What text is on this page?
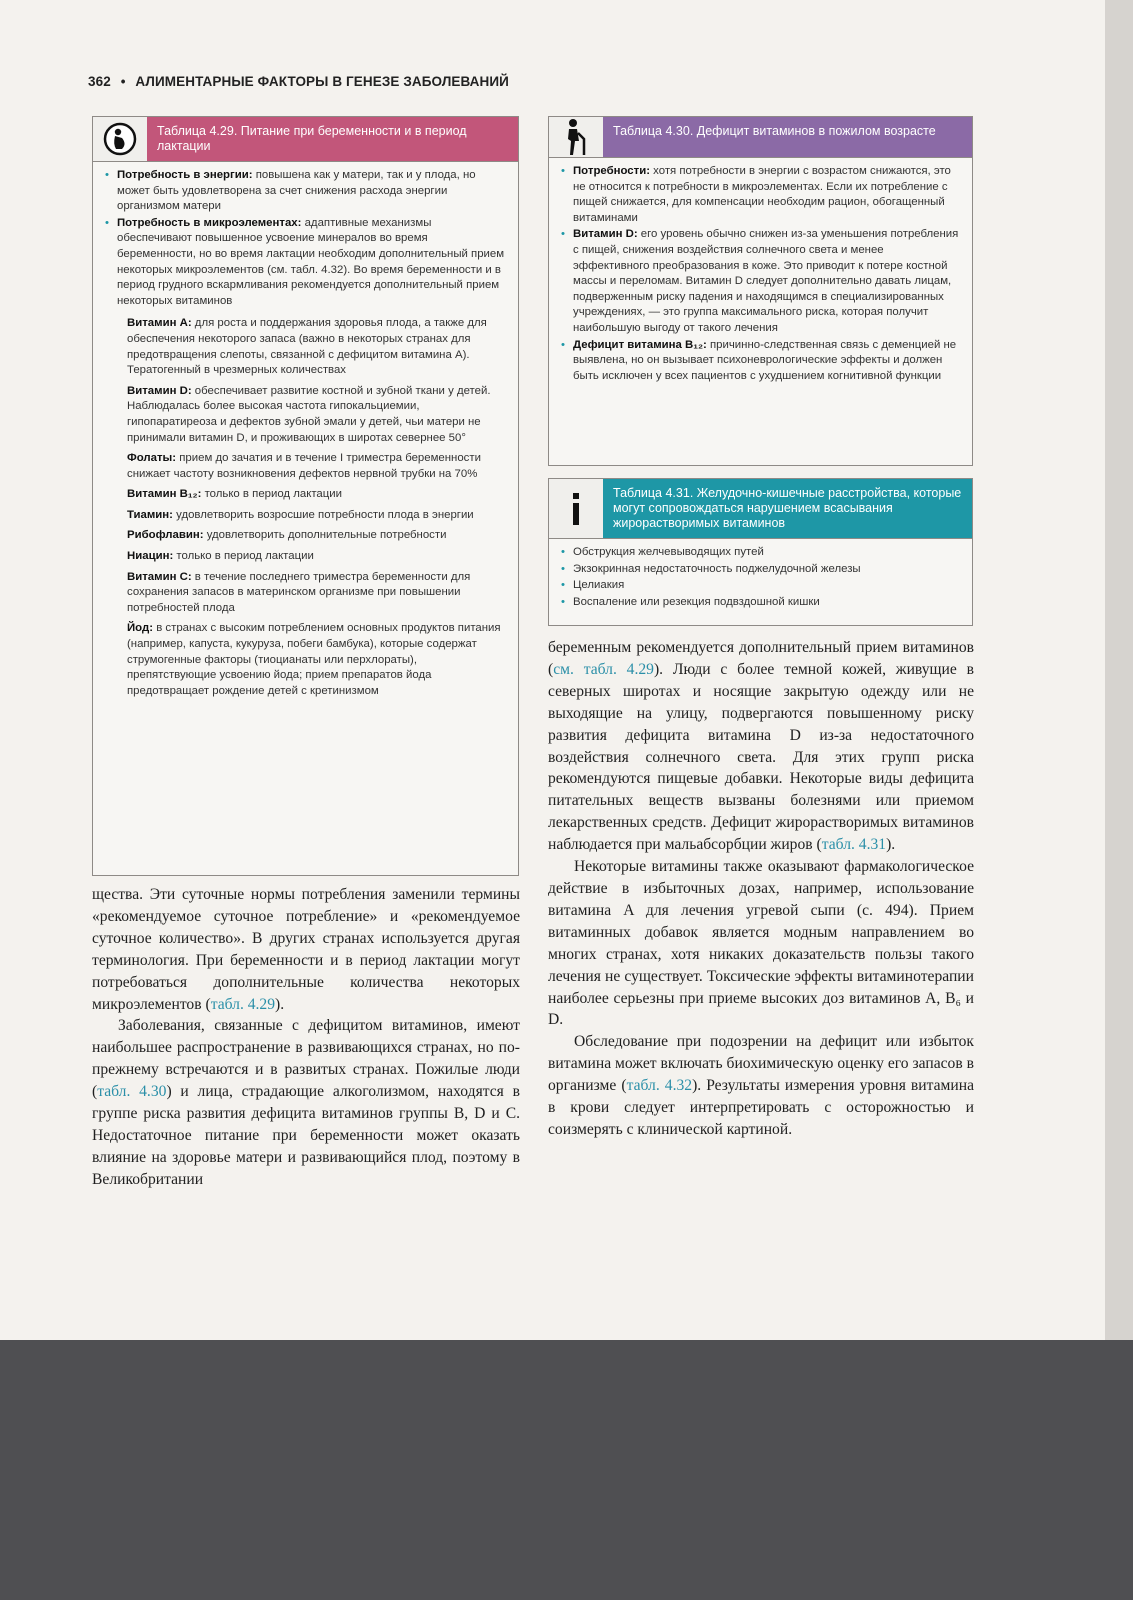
362 • АЛИМЕНТАРНЫЕ ФАКТОРЫ В ГЕНЕЗЕ ЗАБОЛЕВАНИЙ
Таблица 4.29. Питание при беременности и в период лактации
• Потребность в энергии: повышена как у матери, так и у плода, но может быть удовлетворена за счет снижения расхода энергии организмом матери
• Потребность в микроэлементах: адаптивные механизмы обеспечивают повышенное усвоение минералов во время беременности, но во время лактации необходим дополнительный прием некоторых микроэлементов (см. табл. 4.32). Во время беременности и в период грудного вскармливания рекомендуется дополнительный прием некоторых витаминов

Витамин А: для роста и поддержания здоровья плода, а также для обеспечения некоторого запаса (важно в некоторых странах для предотвращения слепоты, связанной с дефицитом витамина А). Тератогенный в чрезмерных количествах

Витамин D: обеспечивает развитие костной и зубной ткани у детей. Наблюдалась более высокая частота гипокальциемии, гипопаратиреоза и дефектов зубной эмали у детей, чьи матери не принимали витамин D, и проживающих в широтах севернее 50°

Фолаты: прием до зачатия и в течение I триместра беременности снижает частоту возникновения дефектов нервной трубки на 70%

Витамин B₁₂: только в период лактации

Тиамин: удовлетворить возросшие потребности плода в энергии

Рибофлавин: удовлетворить дополнительные потребности

Ниацин: только в период лактации

Витамин С: в течение последнего триместра беременности для сохранения запасов в материнском организме при повышении потребностей плода

Йод: в странах с высоким потреблением основных продуктов питания (например, капуста, кукуруза, побеги бамбука), которые содержат струмогенные факторы (тиоцианаты или перхлораты), препятствующие усвоению йода; прием препаратов йода предотвращает рождение детей с кретинизмом

Таблица 4.30. Дефицит витаминов в пожилом возрасте
• Потребности: хотя потребности в энергии с возрастом снижаются, это не относится к потребности в микроэлементах. Если их потребление с пищей снижается, для компенсации необходим рацион, обогащенный витаминами
• Витамин D: его уровень обычно снижен из-за уменьшения потребления с пищей, снижения воздействия солнечного света и менее эффективного преобразования в коже. Это приводит к потере костной массы и переломам. Витамин D следует дополнительно давать лицам, подверженным риску падения и находящимся в специализированных учреждениях, — это группа максимального риска, которая получит наибольшую выгоду от такого лечения
• Дефицит витамина B₁₂: причинно-следственная связь с деменцией не выявлена, но он вызывает психоневрологические эффекты и должен быть исключен у всех пациентов с ухудшением когнитивной функции
Таблица 4.31. Желудочно-кишечные расстройства, которые могут сопровождаться нарушением всасывания жирорастворимых витаминов
• Обструкция желчевыводящих путей
• Экзокринная недостаточность поджелудочной железы
• Целиакия
• Воспаление или резекция подвздошной кишки

щества. Эти суточные нормы потребления заменили термины «рекомендуемое суточное потребление» и «рекомендуемое суточное количество». В других странах используется другая терминология. При беременности и в период лактации могут потребоваться дополнительные количества некоторых микроэлементов (табл. 4.29).

Заболевания, связанные с дефицитом витаминов, имеют наибольшее распространение в развивающихся странах, но по-прежнему встречаются и в развитых странах. Пожилые люди (табл. 4.30) и лица, страдающие алкоголизмом, находятся в группе риска развития дефицита витаминов группы B, D и C. Недостаточное питание при беременности может оказать влияние на здоровье матери и развивающийся плод, поэтому в Великобритании

беременным рекомендуется дополнительный прием витаминов (см. табл. 4.29). Люди с более темной кожей, живущие в северных широтах и носящие закрытую одежду или не выходящие на улицу, подвергаются повышенному риску развития дефицита витамина D из-за недостаточного воздействия солнечного света. Для этих групп риска рекомендуются пищевые добавки. Некоторые виды дефицита питательных веществ вызваны болезнями или приемом лекарственных средств. Дефицит жирорастворимых витаминов наблюдается при мальабсорбции жиров (табл. 4.31).

Некоторые витамины также оказывают фармакологическое действие в избыточных дозах, например, использование витамина A для лечения угревой сыпи (с. 494). Прием витаминных добавок является модным направлением во многих странах, хотя никаких доказательств пользы такого лечения не существует. Токсические эффекты витаминотерапии наиболее серьезны при приеме высоких доз витаминов A, B₆ и D.

Обследование при подозрении на дефицит или избыток витамина может включать биохимическую оценку его запасов в организме (табл. 4.32). Результаты измерения уровня витамина в крови следует интерпретировать с осторожностью и соизмерять с клинической картиной.
